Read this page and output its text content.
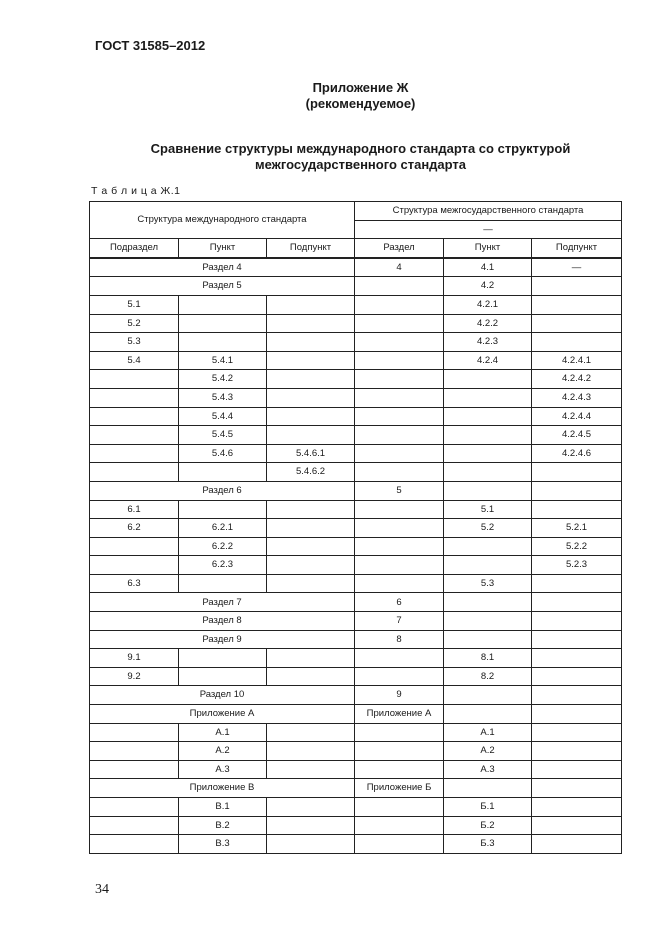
ГОСТ 31585–2012
Приложение Ж
(рекомендуемое)
Сравнение структуры международного стандарта со структурой
межгосударственного стандарта
Т а б л и ц а Ж.1
Структура международного стандарта			Структура межгосударственного стандарта		
			—		
Подраздел	Пункт	Подпункт	Раздел	Пункт	Подпункт
Раздел 4			4	4.1	—
Раздел 5				4.2	
5.1				4.2.1	
5.2				4.2.2	
5.3				4.2.3	
5.4	5.4.1			4.2.4	4.2.4.1
	5.4.2				4.2.4.2
	5.4.3				4.2.4.3
	5.4.4				4.2.4.4
	5.4.5				4.2.4.5
	5.4.6	5.4.6.1			4.2.4.6
		5.4.6.2			
Раздел 6			5		
6.1				5.1	
6.2	6.2.1			5.2	5.2.1
	6.2.2				5.2.2
	6.2.3				5.2.3
6.3				5.3	
Раздел 7			6		
Раздел 8			7		
Раздел 9			8		
9.1				8.1	
9.2				8.2	
Раздел 10			9		
Приложение А			Приложение А		
	А.1			А.1	
	А.2			А.2	
	А.3			А.3	
Приложение В			Приложение Б		
	В.1			Б.1	
	В.2			Б.2	
	В.3			Б.3	
34
